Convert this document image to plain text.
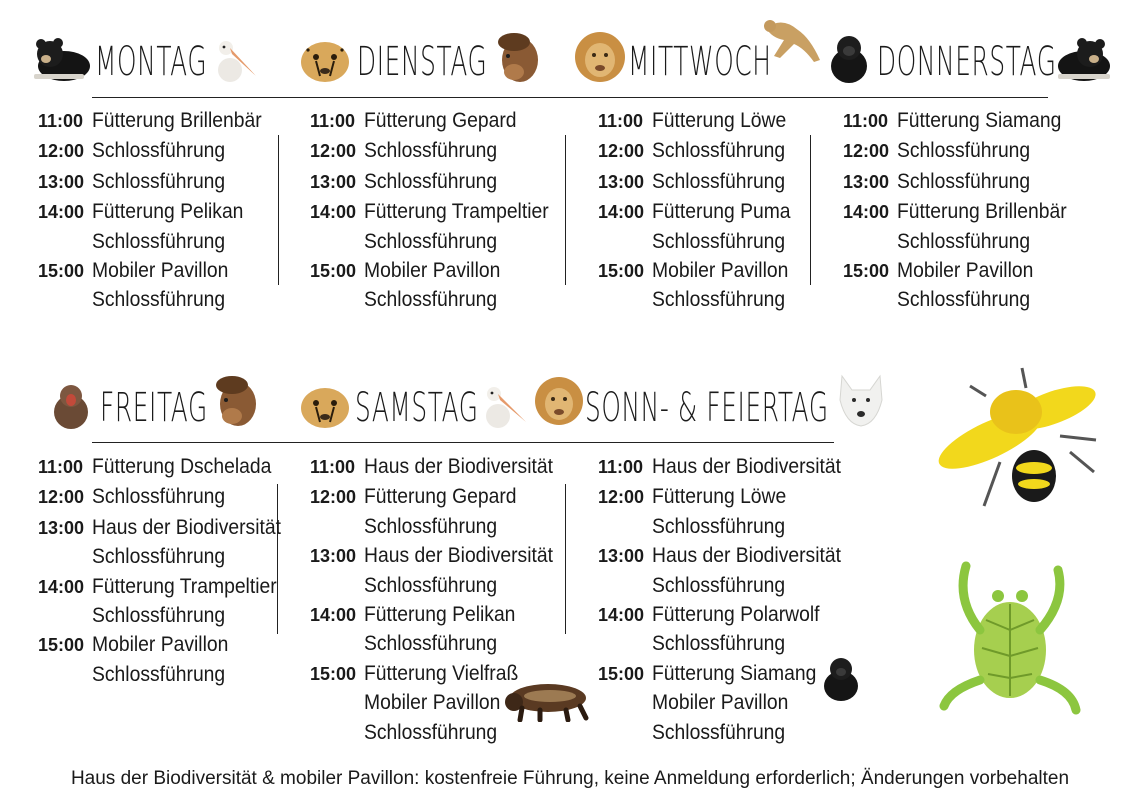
MONTAG	DIENSTAG	MITTWOCH	DONNERSTAG
FREITAG	SAMSTAG	SONN- & FEIERTAG
11:00 Fütterung Brillenbär
12:00 Schlossführung
13:00 Schlossführung
14:00 Fütterung Pelikan
Schlossführung
15:00 Mobiler Pavillon
Schlossführung
11:00 Fütterung Gepard
12:00 Schlossführung
13:00 Schlossführung
14:00 Fütterung Trampeltier
Schlossführung
15:00 Mobiler Pavillon
Schlossführung
11:00 Fütterung Löwe
12:00 Schlossführung
13:00 Schlossführung
14:00 Fütterung Puma
Schlossführung
15:00 Mobiler Pavillon
Schlossführung
11:00 Fütterung Siamang
12:00 Schlossführung
13:00 Schlossführung
14:00 Fütterung Brillenbär
Schlossführung
15:00 Mobiler Pavillon
Schlossführung
11:00 Fütterung Dschelada
12:00 Schlossführung
13:00 Haus der Biodiversität
Schlossführung
14:00 Fütterung Trampeltier
Schlossführung
15:00 Mobiler Pavillon
Schlossführung
11:00 Haus der Biodiversität
12:00 Fütterung Gepard
Schlossführung
13:00 Haus der Biodiversität
Schlossführung
14:00 Fütterung Pelikan
Schlossführung
15:00 Fütterung Vielfraß
Mobiler Pavillon
Schlossführung
11:00 Haus der Biodiversität
12:00 Fütterung Löwe
Schlossführung
13:00 Haus der Biodiversität
Schlossführung
14:00 Fütterung Polarwolf
Schlossführung
15:00 Fütterung Siamang
Mobiler Pavillon
Schlossführung
Haus der Biodiversität & mobiler Pavillon: kostenfreie Führung, keine Anmeldung erforderlich; Änderungen vorbehalten
